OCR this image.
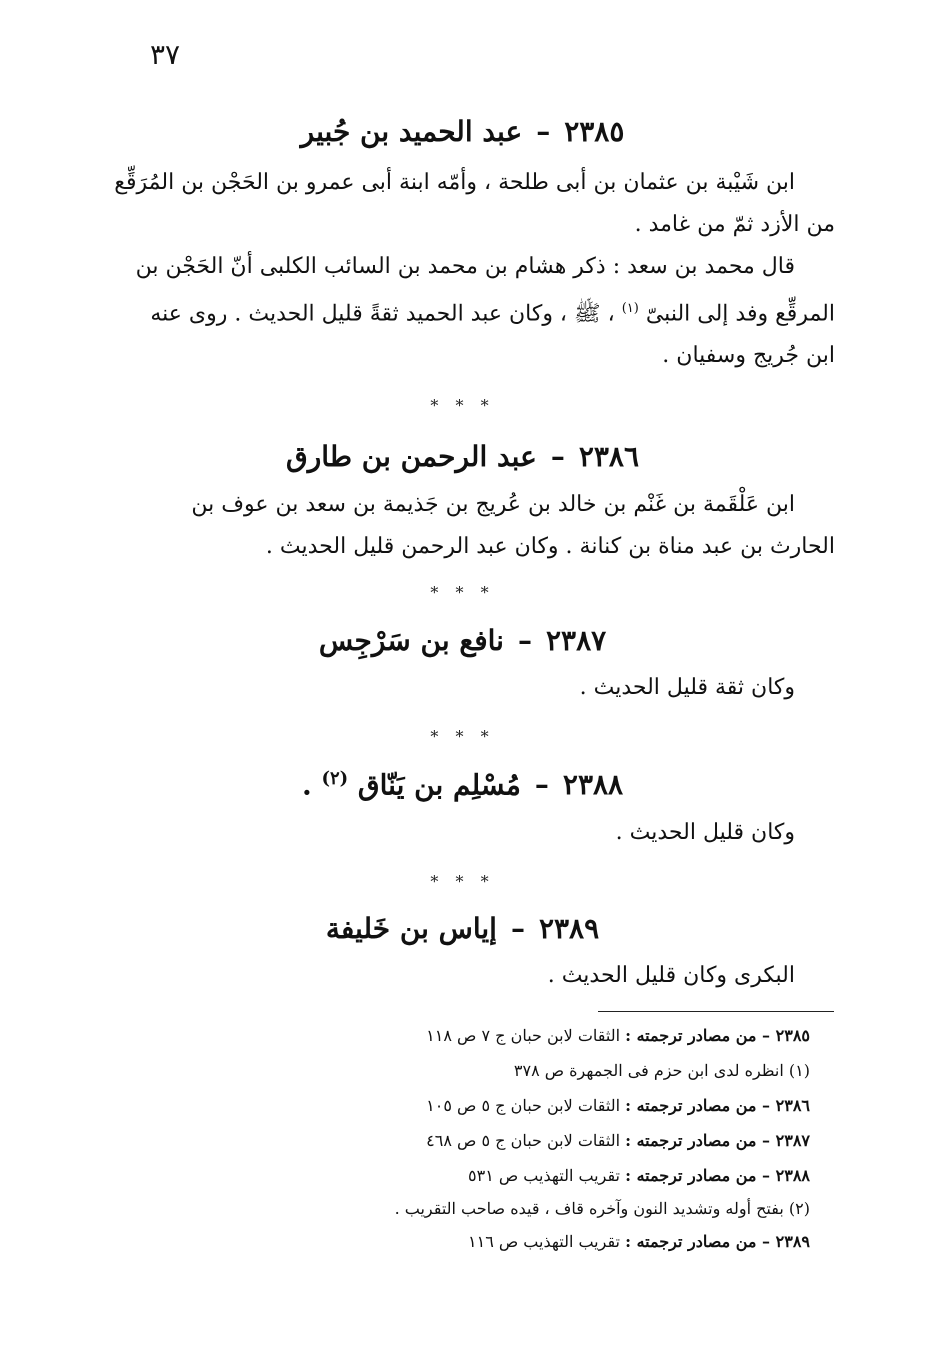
٣٧
٢٣٨٥–عبد الحميد بن جُبير
ابن شَيْبة بن عثمان بن أبى طلحة ، وأمّه ابنة أبى عمرو بن الحَجْن بن المُرَقِّع
من الأزد ثمّ من غامد .
قال محمد بن سعد : ذكر هشام بن محمد بن السائب الكلبى أنّ الحَجْن بن
المرقِّع وفد إلى النبىّ $^{(١)}$ ، ﷺ ، وكان عبد الحميد ثقةً قليل الحديث . روى عنه
ابن جُريج وسفيان .
* * *
٢٣٨٦–عبد الرحمن بن طارق
ابن عَلْقَمة بن غَنْم بن خالد بن عُريج بن جَذيمة بن سعد بن عوف بن
الحارث بن عبد مناة بن كنانة . وكان عبد الرحمن قليل الحديث .
* * *
٢٣٨٧–نافع بن سَرْجِس
وكان ثقة قليل الحديث .
* * *
٢٣٨٨–مُسْلِم بن يَنّاق $^{(٢)}$ .
وكان قليل الحديث .
* * *
٢٣٨٩–إياس بن خَليفة
البكرى وكان قليل الحديث .
٢٣٨٥ – من مصادر ترجمته : الثقات لابن حبان ج ٧ ص ١١٨
(١) انظره لدى ابن حزم فى الجمهرة ص ٣٧٨
٢٣٨٦ – من مصادر ترجمته : الثقات لابن حبان ج ٥ ص ١٠٥
٢٣٨٧ – من مصادر ترجمته : الثقات لابن حبان ج ٥ ص ٤٦٨
٢٣٨٨ – من مصادر ترجمته : تقريب التهذيب ص ٥٣١
(٢) بفتح أوله وتشديد النون وآخره قاف ، قيده صاحب التقريب .
٢٣٨٩ – من مصادر ترجمته : تقريب التهذيب ص ١١٦
